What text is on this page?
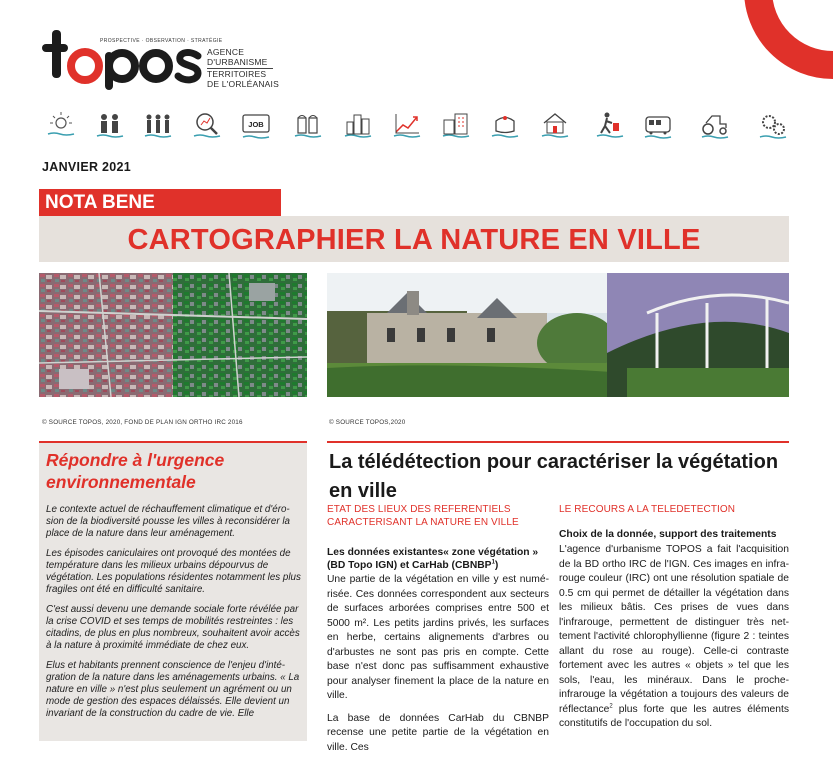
PROSPECTIVE · OBSERVATION · STRATÉGIE
AGENCE
D'URBANISME
TERRITOIRES
DE L'ORLÉANAIS
JOB
JANVIER 2021
NOTA BENE
CARTOGRAPHIER LA NATURE EN VILLE
© SOURCE TOPOS, 2020, FOND DE PLAN IGN ORTHO IRC 2016	© SOURCE TOPOS,2020
Répondre à l'urgence environnementale

Le contexte actuel de réchauffement climatique et d'érosion de la biodiversité pousse les villes à reconsidérer la place de la nature dans leur aménagement.

Les épisodes caniculaires ont provoqué des montées de température dans les milieux urbains dépourvus de végétation. Les populations résidentes notamment les plus fragiles ont été en difficulté sanitaire.

C'est aussi devenu une demande sociale forte révélée par la crise COVID et ses temps de mobilités restreintes : les citadins, de plus en plus nombreux, souhaitent avoir accès à la nature à proximité immédiate de chez eux.

Elus et habitants prennent conscience de l'enjeu d'intégration de la nature dans les aménagements urbains. « La nature en ville » n'est plus seulement un agrément ou un mode de gestion des espaces délaissés. Elle devient un invariant de la construction du cadre de vie. Elle

La télédétection pour caractériser la végétation en ville
ETAT DES LIEUX DES REFERENTIELS CARACTERISANT LA NATURE EN VILLE
LE RECOURS A LA TELEDETECTION
Les données existantes« zone végétation » (BD Topo IGN) et CarHab (CBNBP$^1$)
Choix de la donnée, support des traitements

Une partie de la végétation en ville y est numérisée. Ces données correspondent aux secteurs de surfaces arborées comprises entre 500 et 5000 m². Les petits jardins privés, les surfaces en herbe, certains alignements d'arbres ou d'arbustes ne sont pas pris en compte. Cette base n'est donc pas suffisamment exhaustive pour analyser finement la place de la nature en ville.

La base de données CarHab du CBNBP recense une petite partie de la végétation en ville. Ces

L'agence d'urbanisme TOPOS a fait l'acquisition de la BD ortho IRC de l'IGN. Ces images en infrarouge couleur (IRC) ont une résolution spatiale de 0.5 cm qui permet de détailler la végétation dans les milieux bâtis. Ces prises de vues dans l'infrarouge, permettent de distinguer très nettement l'activité chlorophyllienne (figure 2 : teintes allant du rose au rouge). Celle-ci contraste fortement avec les autres « objets » tel que les sols, l'eau, les minéraux. Dans le proche-infrarouge la végétation a toujours des valeurs de réflectance$^2$ plus forte que les autres éléments constitutifs de l'occupation du sol.
